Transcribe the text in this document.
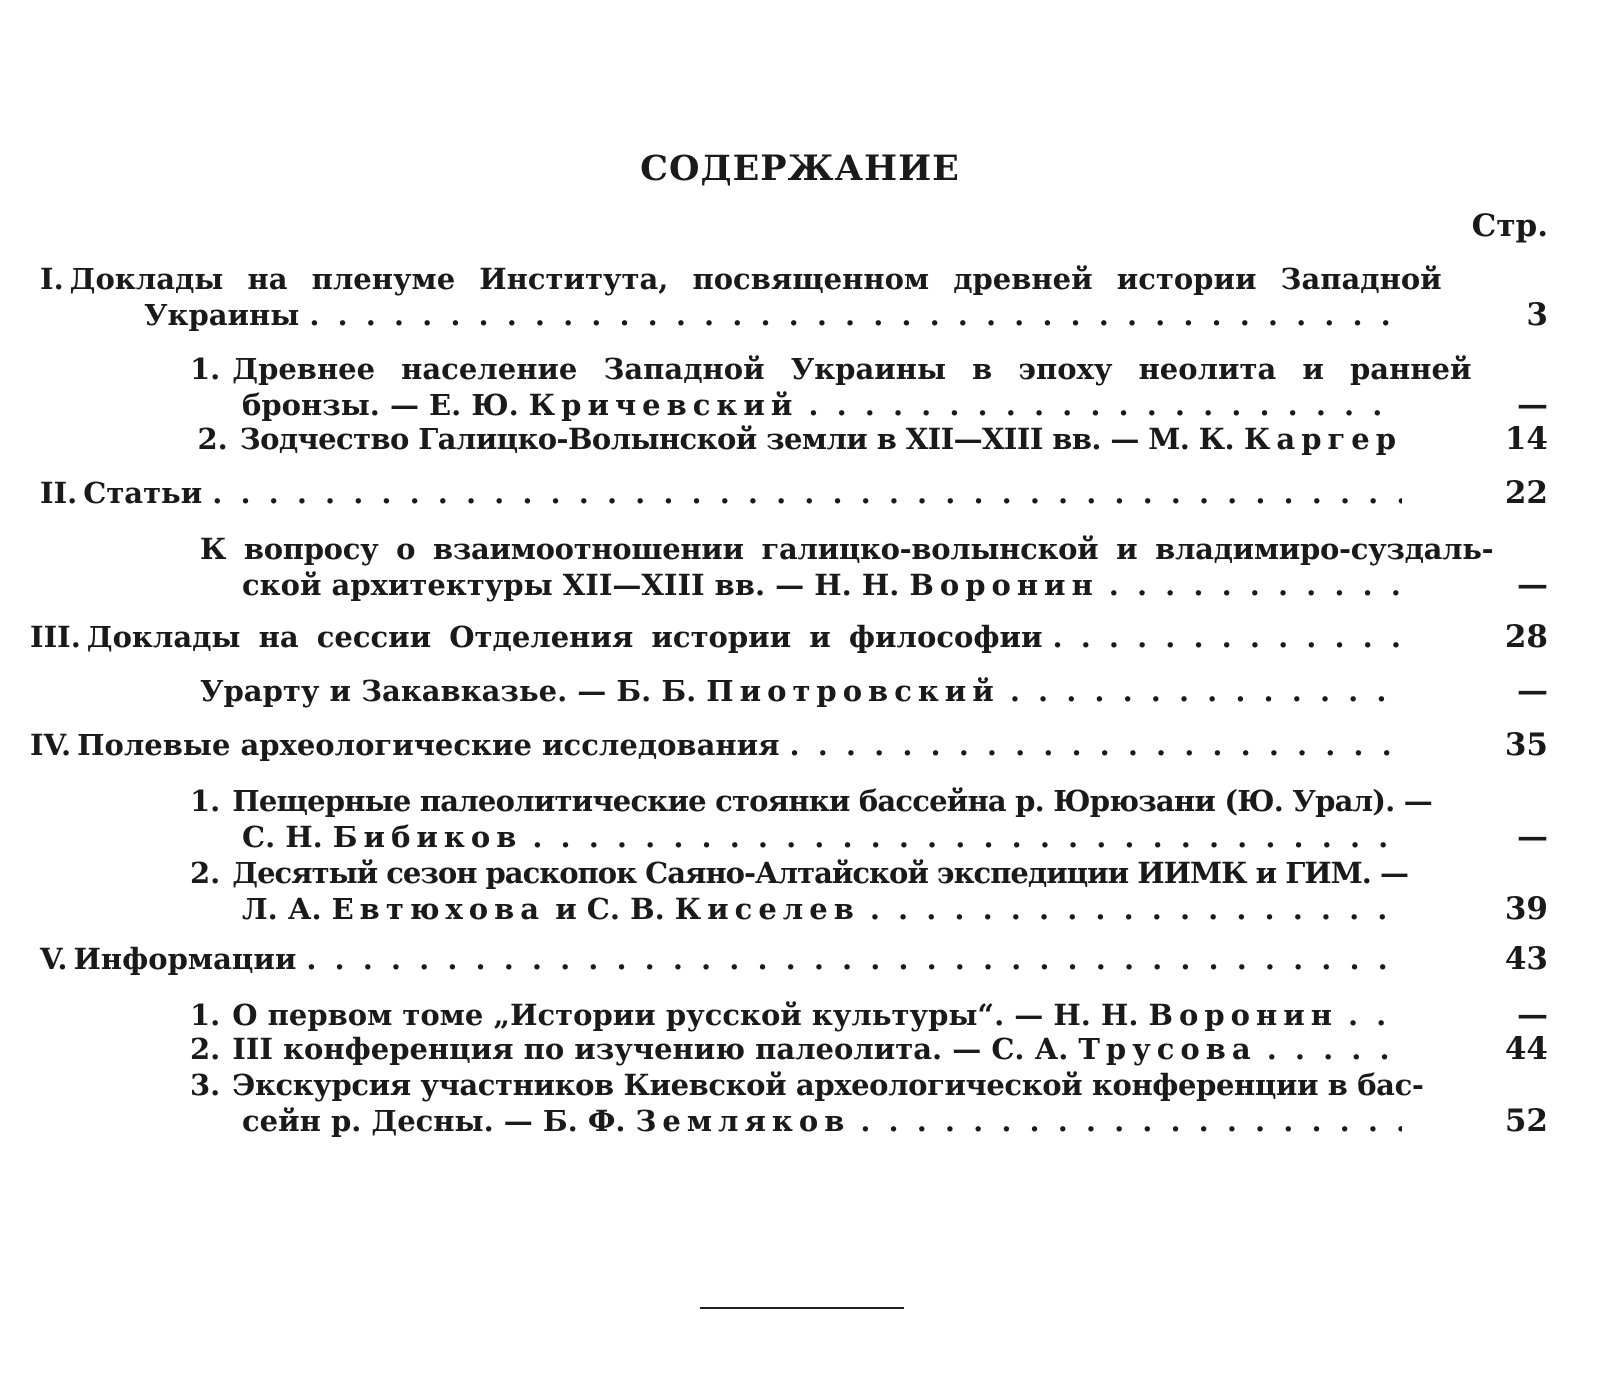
СОДЕРЖАНИЕ
Стр.
I. Доклады на пленуме Института, посвященном древней истории Западной
Украины . . .	3
1. Древнее население Западной Украины в эпоху неолита и ранней
бронзы. — Е. Ю. Кричевский . . .	—
2. Зодчество Галицко-Волынской земли в XII—XIII вв. — М. К. Каргер	14
II. Статьи . . .	22
К вопросу о взаимоотношении галицко-волынской и владимиро-суздаль-
ской архитектуры XII—XIII вв. — Н. Н. Воронин . . .	—
III. Доклады на сессии Отделения истории и философии . . .	28
Урарту и Закавказье. — Б. Б. Пиотровский . . .	—
IV. Полевые археологические исследования . . .	35
1. Пещерные палеолитические стоянки бассейна р. Юрюзани (Ю. Урал). —
С. Н. Бибиков . . .	—
2. Десятый сезон раскопок Саяно-Алтайской экспедиции ИИМК и ГИМ. —
Л. А. Евтюхова и С. В. Киселев . . .	39
V. Информации . . .	43
1. О первом томе „Истории русской культуры“. — Н. Н. Воронин . . .	—
2. III конференция по изучению палеолита. — С. А. Трусова . . .	44
3. Экскурсия участников Киевской археологической конференции в бас-
сейн р. Десны. — Б. Ф. Земляков . . .	52
